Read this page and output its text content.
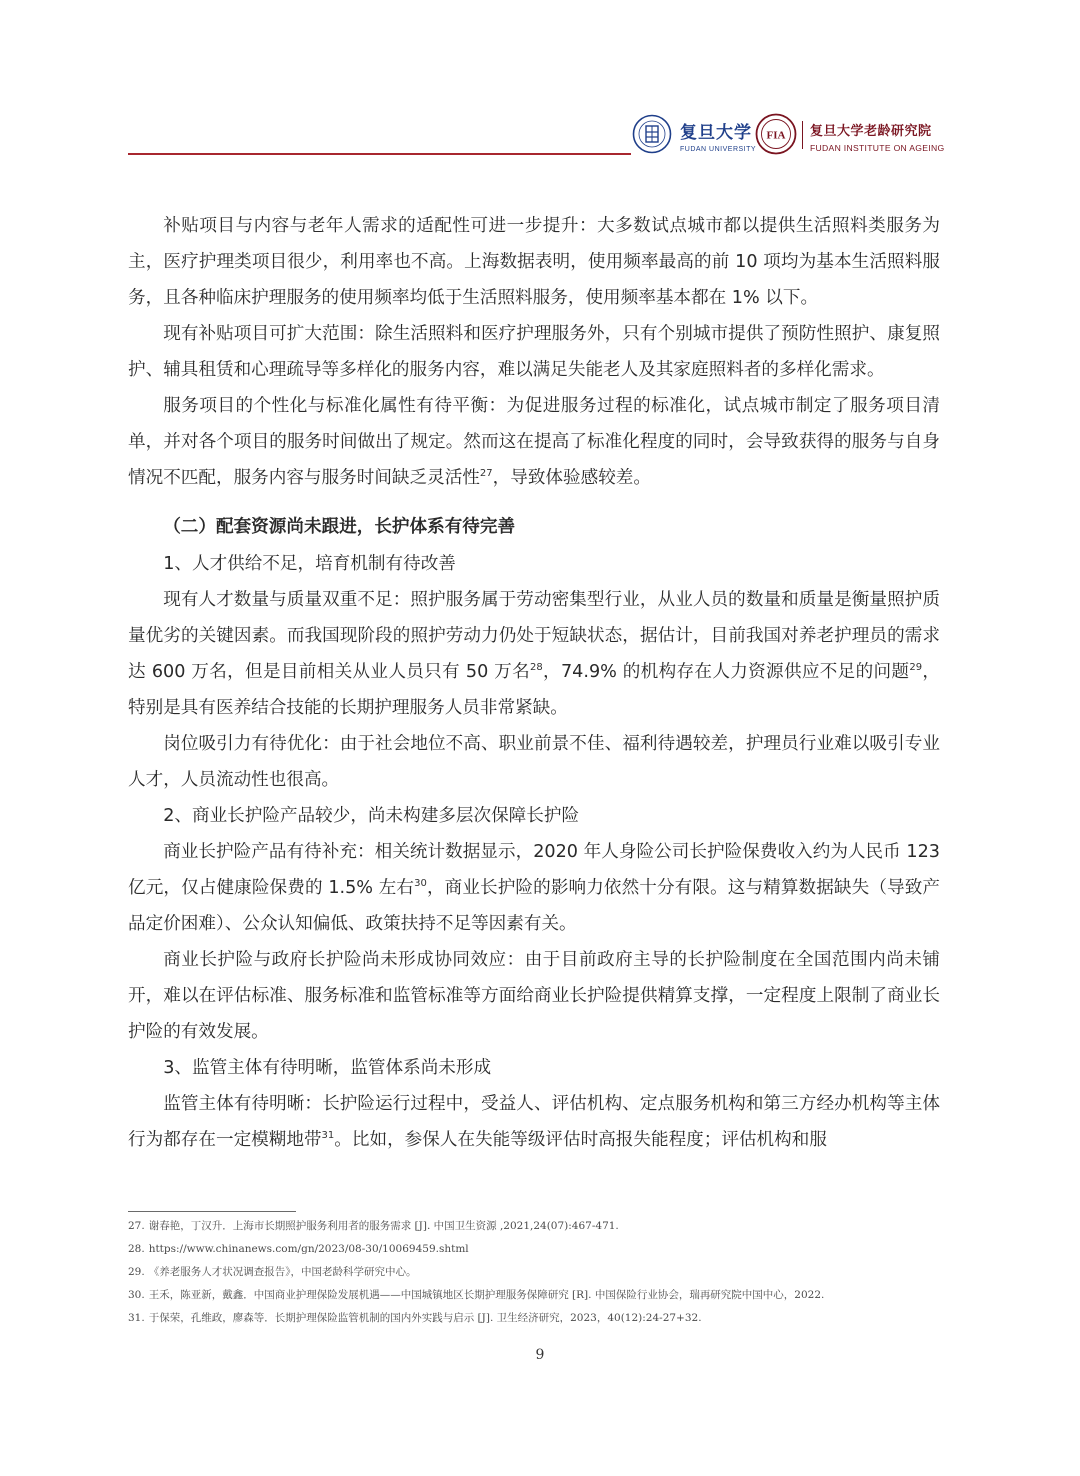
复旦大学
FUDAN UNIVERSITY
FIA 复旦大学老龄研究院
FUDAN INSTITUTE ON AGEING

补贴项目与内容与老年人需求的适配性可进一步提升：大多数试点城市都以提供生活照料类服务为主，医疗护理类项目很少，利用率也不高。上海数据表明，使用频率最高的前 10 项均为基本生活照料服务，且各种临床护理服务的使用频率均低于生活照料服务，使用频率基本都在 1% 以下。

现有补贴项目可扩大范围：除生活照料和医疗护理服务外，只有个别城市提供了预防性照护、康复照护、辅具租赁和心理疏导等多样化的服务内容，难以满足失能老人及其家庭照料者的多样化需求。

服务项目的个性化与标准化属性有待平衡：为促进服务过程的标准化，试点城市制定了服务项目清单，并对各个项目的服务时间做出了规定。然而这在提高了标准化程度的同时，会导致获得的服务与自身情况不匹配，服务内容与服务时间缺乏灵活性$^{27}$，导致体验感较差。

（二）配套资源尚未跟进，长护体系有待完善

1、人才供给不足，培育机制有待改善

现有人才数量与质量双重不足：照护服务属于劳动密集型行业，从业人员的数量和质量是衡量照护质量优劣的关键因素。而我国现阶段的照护劳动力仍处于短缺状态，据估计，目前我国对养老护理员的需求达 600 万名，但是目前相关从业人员只有 50 万名$^{28}$，74.9% 的机构存在人力资源供应不足的问题$^{29}$，特别是具有医养结合技能的长期护理服务人员非常紧缺。

岗位吸引力有待优化：由于社会地位不高、职业前景不佳、福利待遇较差，护理员行业难以吸引专业人才，人员流动性也很高。

2、商业长护险产品较少，尚未构建多层次保障长护险

商业长护险产品有待补充：相关统计数据显示，2020 年人身险公司长护险保费收入约为人民币 123 亿元，仅占健康险保费的 1.5% 左右$^{30}$，商业长护险的影响力依然十分有限。这与精算数据缺失（导致产品定价困难）、公众认知偏低、政策扶持不足等因素有关。

商业长护险与政府长护险尚未形成协同效应：由于目前政府主导的长护险制度在全国范围内尚未铺开，难以在评估标准、服务标准和监管标准等方面给商业长护险提供精算支撑，一定程度上限制了商业长护险的有效发展。

3、监管主体有待明晰，监管体系尚未形成

监管主体有待明晰：长护险运行过程中，受益人、评估机构、定点服务机构和第三方经办机构等主体行为都存在一定模糊地带$^{31}$。比如，参保人在失能等级评估时高报失能程度；评估机构和服

27. 谢春艳，丁汉升．上海市长期照护服务利用者的服务需求 [J]. 中国卫生资源 ,2021,24(07):467-471.
28. https://www.chinanews.com/gn/2023/08-30/10069459.shtml
29. 《养老服务人才状况调查报告》，中国老龄科学研究中心。
30. 王禾，陈亚新，戴鑫．中国商业护理保险发展机遇——中国城镇地区长期护理服务保障研究 [R]. 中国保险行业协会，瑞再研究院中国中心，2022.
31. 于保荣，孔维政，廖森等．长期护理保险监管机制的国内外实践与启示 [J]. 卫生经济研究，2023，40(12):24-27+32.
9
